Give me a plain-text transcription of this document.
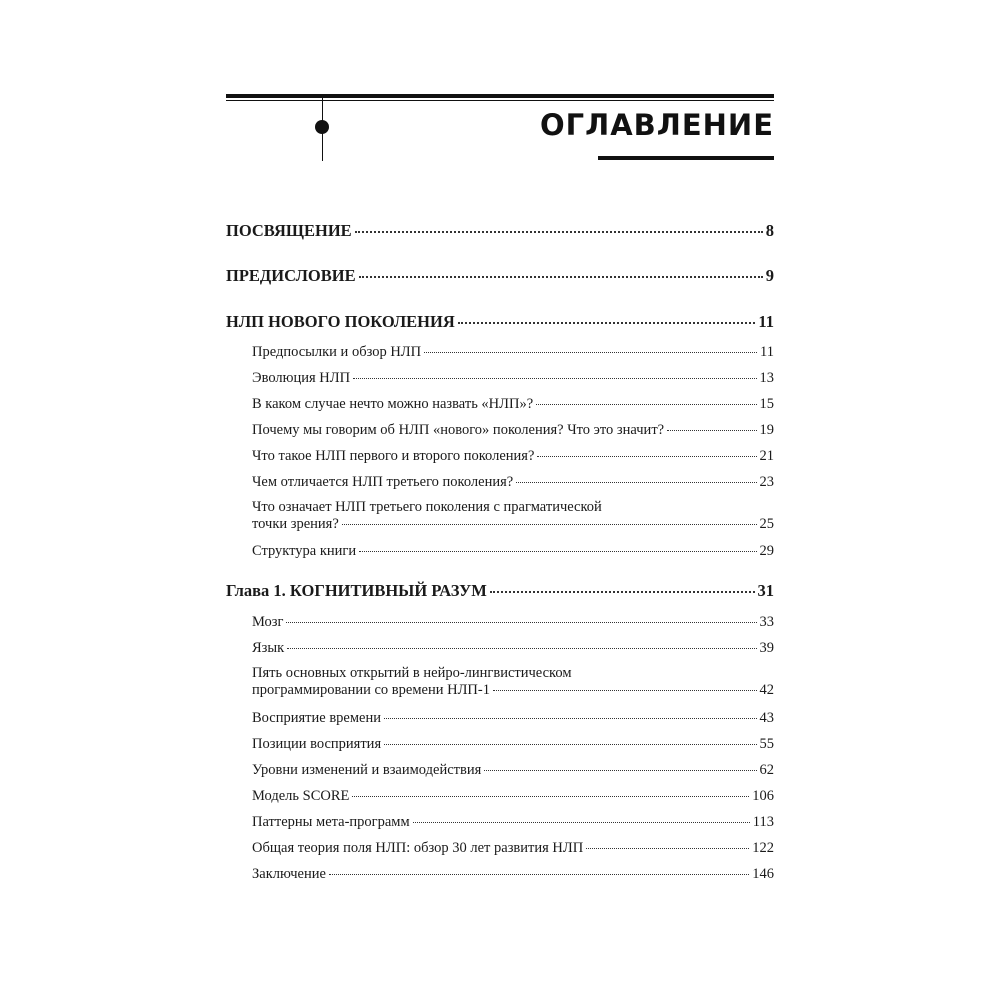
ОГЛАВЛЕНИЕ
ПОСВЯЩЕНИЕ	8
ПРЕДИСЛОВИЕ	9
НЛП НОВОГО ПОКОЛЕНИЯ	11
Предпосылки и обзор НЛП	11
Эволюция НЛП	13
В каком случае нечто можно назвать «НЛП»?	15
Почему мы говорим об НЛП «нового» поколения? Что это значит?	19
Что такое НЛП первого и второго поколения?	21
Чем отличается НЛП третьего поколения?	23
Что означает НЛП третьего поколения с прагматической
точки зрения?	25
Структура книги	29
Глава 1. КОГНИТИВНЫЙ РАЗУМ	31
Мозг	33
Язык	39
Пять основных открытий в нейро-лингвистическом
программировании со времени НЛП-1	42
Восприятие времени	43
Позиции восприятия	55
Уровни изменений и взаимодействия	62
Модель SCORE	106
Паттерны мета-программ	113
Общая теория поля НЛП: обзор 30 лет развития НЛП	122
Заключение	146
